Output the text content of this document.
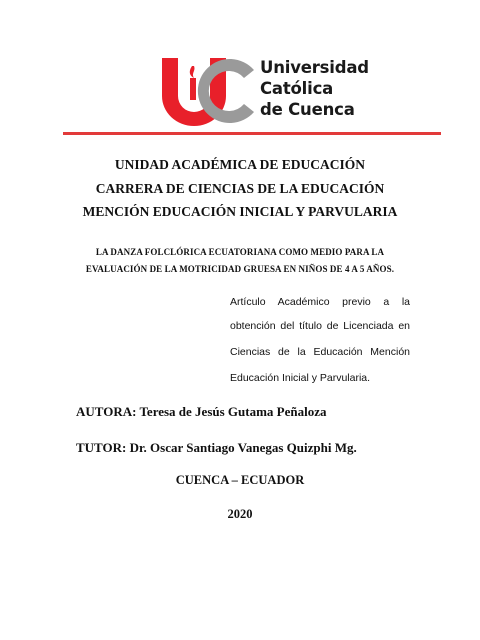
Universidad
Católica
de Cuenca
UNIDAD ACADÉMICA DE EDUCACIÓN
CARRERA DE CIENCIAS DE LA EDUCACIÓN
MENCIÓN EDUCACIÓN INICIAL Y PARVULARIA
LA DANZA FOLCLÓRICA ECUATORIANA COMO MEDIO PARA LA
EVALUACIÓN DE LA MOTRICIDAD GRUESA EN NIÑOS DE 4 A 5 AÑOS.
Artículo Académico previo a la
obtención del título de Licenciada en
Ciencias de la Educación Mención
Educación Inicial y Parvularia.
AUTORA: Teresa de Jesús Gutama Peñaloza
TUTOR: Dr. Oscar Santiago Vanegas Quizphi Mg.
CUENCA – ECUADOR
2020
